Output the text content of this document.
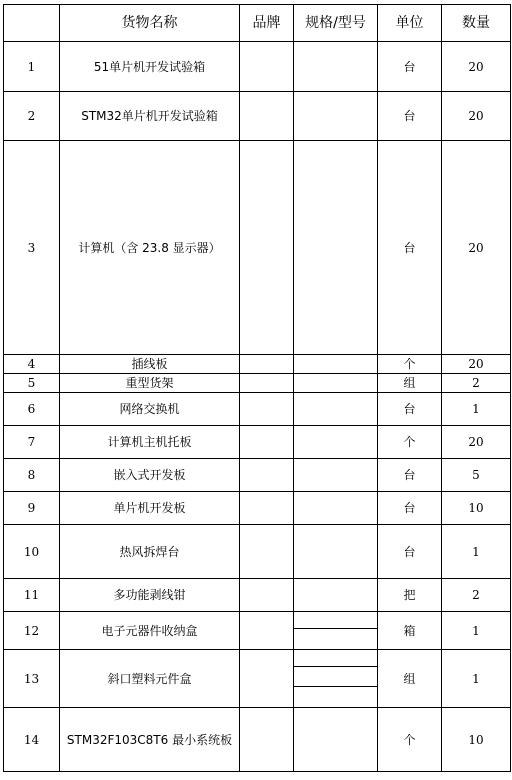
	货物名称	品牌	规格/型号	单位	数量
1	51单片机开发试验箱			台	20
2	STM32单片机开发试验箱			台	20
3	计算机（含 23.8 显示器）			台	20
4	插线板			个	20
5	重型货架			组	2
6	网络交换机			台	1
7	计算机主机托板			个	20
8	嵌入式开发板			台	5
9	单片机开发板			台	10
10	热风拆焊台			台	1
11	多功能剥线钳			把	2
12	电子元器件收纳盒			箱	1
13	斜口塑料元件盒			组	1
14	STM32F103C8T6 最小系统板			个	10
